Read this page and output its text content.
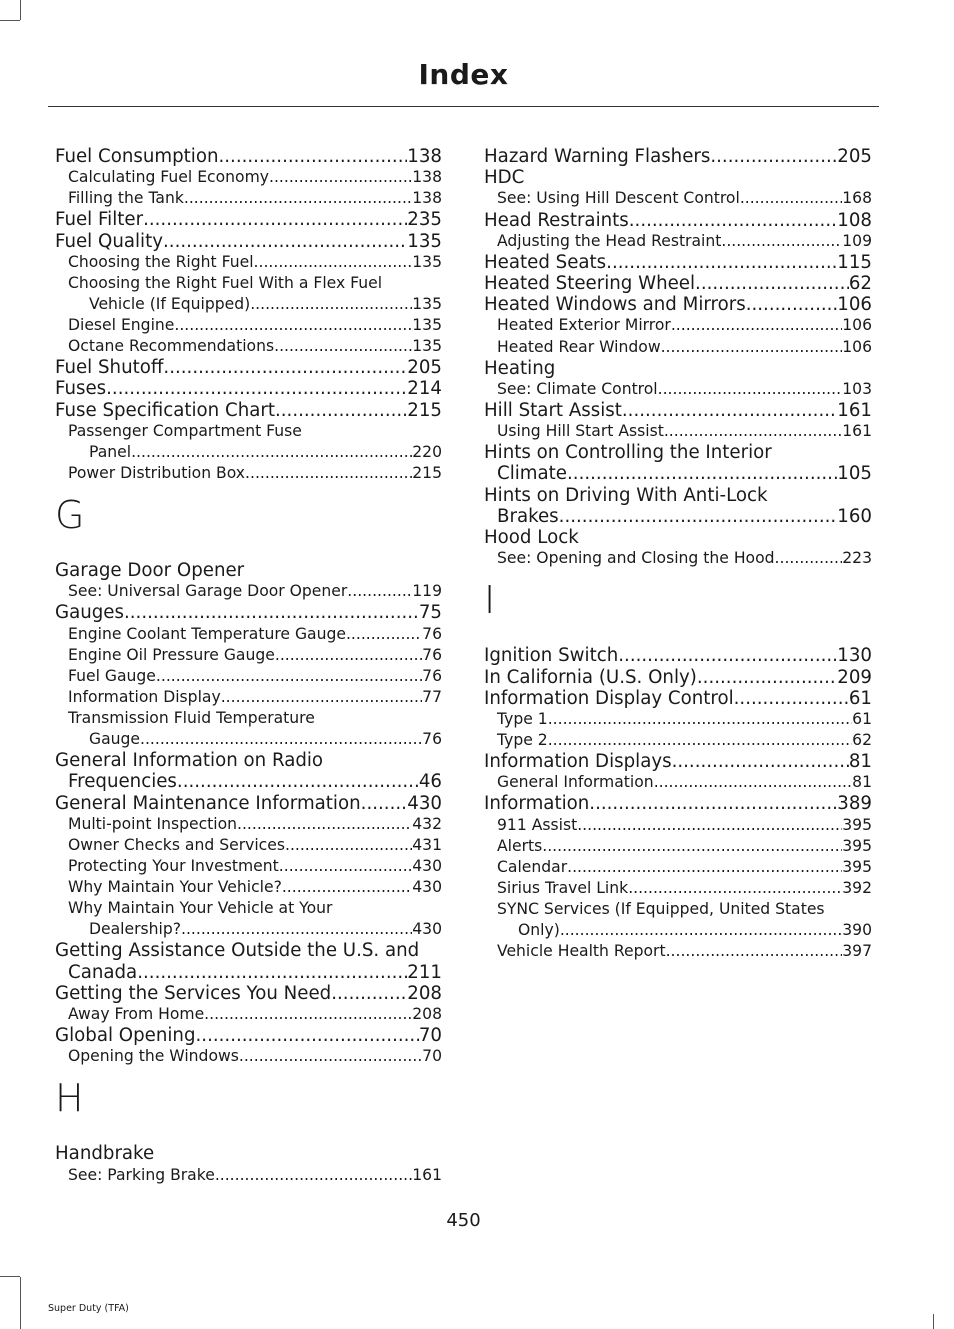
Index
Fuel Consumption .....	138
Calculating Fuel Economy .....	138
Filling the Tank .....	138
Fuel Filter .....	235
Fuel Quality .....	135
Choosing the Right Fuel .....	135
Choosing the Right Fuel With a Flex Fuel
Vehicle (If Equipped) .....	135
Diesel Engine .....	135
Octane Recommendations .....	135
Fuel Shutoff .....	205
Fuses .....	214
Fuse Specification Chart .....	215
Passenger Compartment Fuse
Panel .....	220
Power Distribution Box .....	215
G
Garage Door Opener
See: Universal Garage Door Opener .....	119
Gauges .....	75
Engine Coolant Temperature Gauge .....	76
Engine Oil Pressure Gauge .....	76
Fuel Gauge .....	76
Information Display .....	77
Transmission Fluid Temperature
Gauge .....	76
General Information on Radio
Frequencies .....	46
General Maintenance Information .....	430
Multi-point Inspection .....	432
Owner Checks and Services .....	431
Protecting Your Investment .....	430
Why Maintain Your Vehicle? .....	430
Why Maintain Your Vehicle at Your
Dealership? .....	430
Getting Assistance Outside the U.S. and
Canada .....	211
Getting the Services You Need .....	208
Away From Home .....	208
Global Opening .....	70
Opening the Windows .....	70
H
Handbrake
See: Parking Brake .....	161
Hazard Warning Flashers .....	205
HDC
See: Using Hill Descent Control .....	168
Head Restraints .....	108
Adjusting the Head Restraint .....	109
Heated Seats .....	115
Heated Steering Wheel .....	62
Heated Windows and Mirrors .....	106
Heated Exterior Mirror .....	106
Heated Rear Window .....	106
Heating
See: Climate Control .....	103
Hill Start Assist .....	161
Using Hill Start Assist .....	161
Hints on Controlling the Interior
Climate .....	105
Hints on Driving With Anti-Lock
Brakes .....	160
Hood Lock
See: Opening and Closing the Hood .....	223
I
Ignition Switch .....	130
In California (U.S. Only) .....	209
Information Display Control .....	61
Type 1 .....	61
Type 2 .....	62
Information Displays .....	81
General Information .....	81
Information .....	389
911 Assist .....	395
Alerts .....	395
Calendar .....	395
Sirius Travel Link .....	392
SYNC Services (If Equipped, United States
Only) .....	390
Vehicle Health Report .....	397
450
Super Duty (TFA)
